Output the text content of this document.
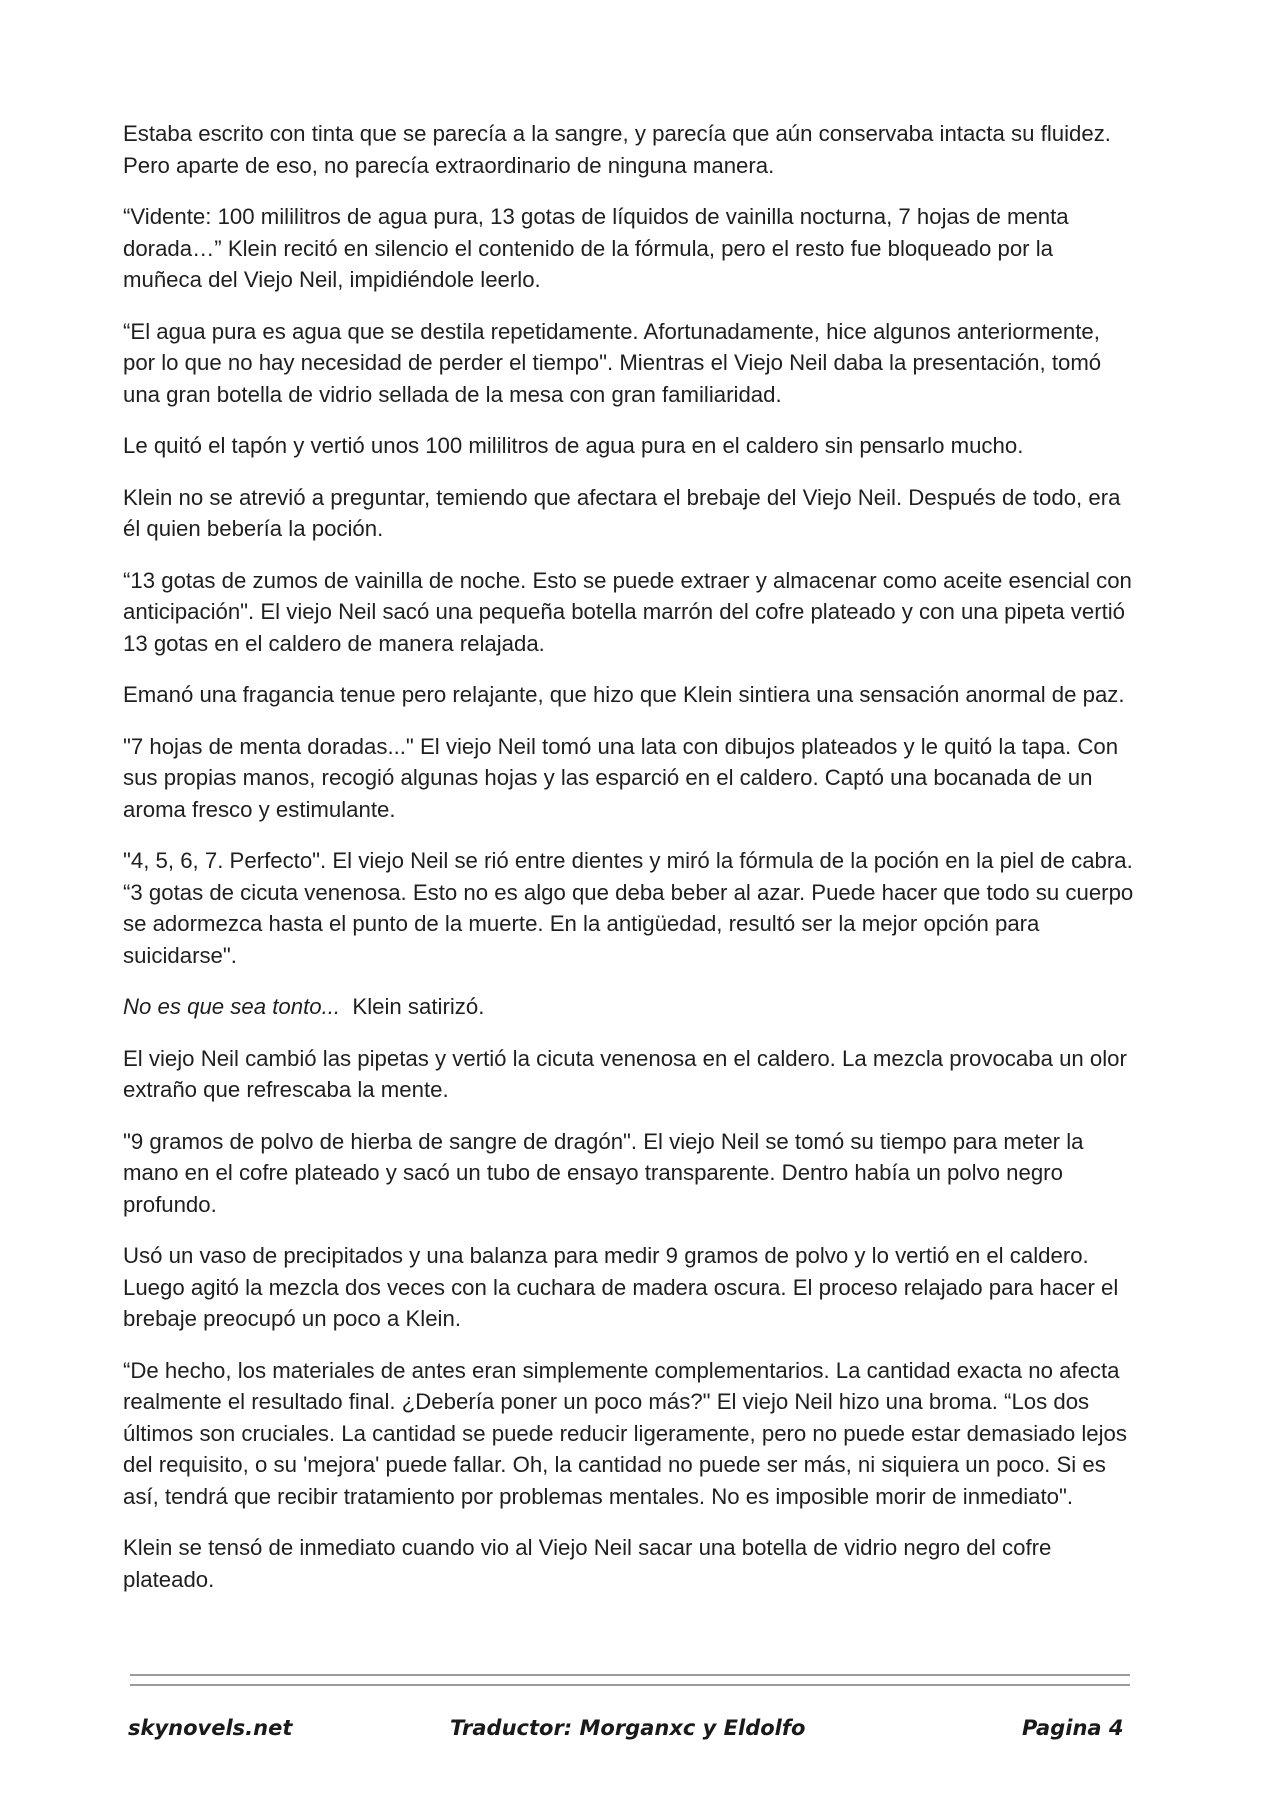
Estaba escrito con tinta que se parecía a la sangre, y parecía que aún conservaba intacta su fluidez. Pero aparte de eso, no parecía extraordinario de ninguna manera.

“Vidente: 100 mililitros de agua pura, 13 gotas de líquidos de vainilla nocturna, 7 hojas de menta dorada…” Klein recitó en silencio el contenido de la fórmula, pero el resto fue bloqueado por la muñeca del Viejo Neil, impidiéndole leerlo.

“El agua pura es agua que se destila repetidamente. Afortunadamente, hice algunos anteriormente, por lo que no hay necesidad de perder el tiempo". Mientras el Viejo Neil daba la presentación, tomó una gran botella de vidrio sellada de la mesa con gran familiaridad.

Le quitó el tapón y vertió unos 100 mililitros de agua pura en el caldero sin pensarlo mucho.

Klein no se atrevió a preguntar, temiendo que afectara el brebaje del Viejo Neil. Después de todo, era él quien bebería la poción.

“13 gotas de zumos de vainilla de noche. Esto se puede extraer y almacenar como aceite esencial con anticipación". El viejo Neil sacó una pequeña botella marrón del cofre plateado y con una pipeta vertió 13 gotas en el caldero de manera relajada.

Emanó una fragancia tenue pero relajante, que hizo que Klein sintiera una sensación anormal de paz.

"7 hojas de menta doradas..." El viejo Neil tomó una lata con dibujos plateados y le quitó la tapa. Con sus propias manos, recogió algunas hojas y las esparció en el caldero. Captó una bocanada de un aroma fresco y estimulante.

"4, 5, 6, 7. Perfecto". El viejo Neil se rió entre dientes y miró la fórmula de la poción en la piel de cabra. “3 gotas de cicuta venenosa. Esto no es algo que deba beber al azar. Puede hacer que todo su cuerpo se adormezca hasta el punto de la muerte. En la antigüedad, resultó ser la mejor opción para suicidarse".

No es que sea tonto...  Klein satirizó.

El viejo Neil cambió las pipetas y vertió la cicuta venenosa en el caldero. La mezcla provocaba un olor extraño que refrescaba la mente.

"9 gramos de polvo de hierba de sangre de dragón". El viejo Neil se tomó su tiempo para meter la mano en el cofre plateado y sacó un tubo de ensayo transparente. Dentro había un polvo negro profundo.

Usó un vaso de precipitados y una balanza para medir 9 gramos de polvo y lo vertió en el caldero. Luego agitó la mezcla dos veces con la cuchara de madera oscura. El proceso relajado para hacer el brebaje preocupó un poco a Klein.

“De hecho, los materiales de antes eran simplemente complementarios. La cantidad exacta no afecta realmente el resultado final. ¿Debería poner un poco más?" El viejo Neil hizo una broma. “Los dos últimos son cruciales. La cantidad se puede reducir ligeramente, pero no puede estar demasiado lejos del requisito, o su 'mejora' puede fallar. Oh, la cantidad no puede ser más, ni siquiera un poco. Si es así, tendrá que recibir tratamiento por problemas mentales. No es imposible morir de inmediato".

Klein se tensó de inmediato cuando vio al Viejo Neil sacar una botella de vidrio negro del cofre plateado.

skynovels.net	Traductor: Morganxc y Eldolfo	Pagina 4
